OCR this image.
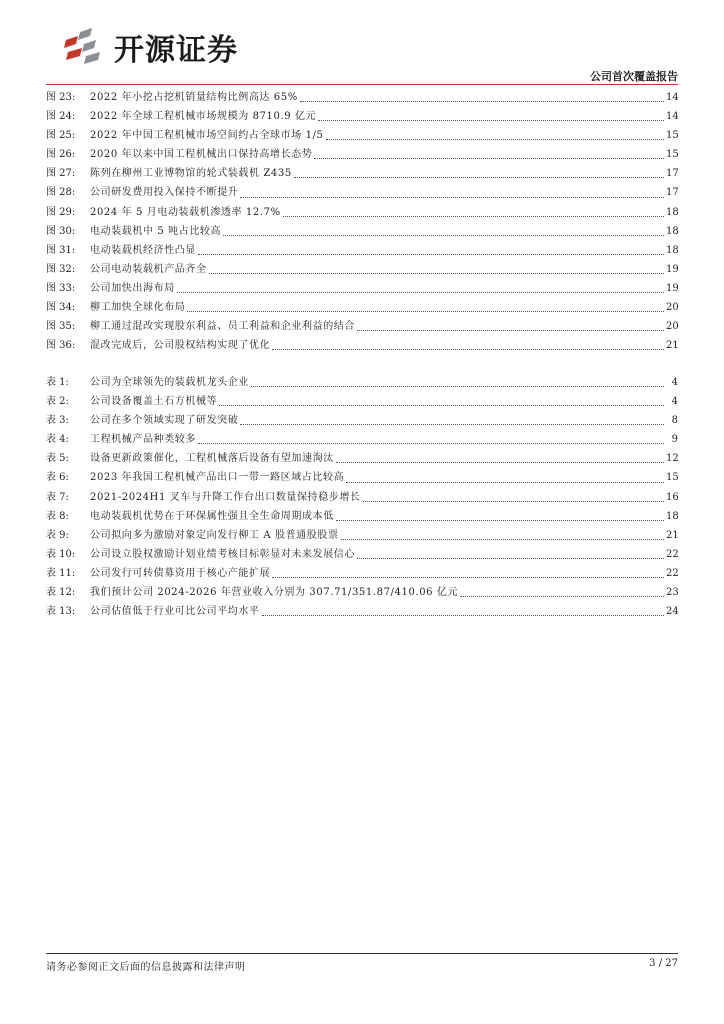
开源证券
公司首次覆盖报告
图 23:	2022 年小挖占挖机销量结构比例高达 65%	14
图 24:	2022 年全球工程机械市场规模为 8710.9 亿元	14
图 25:	2022 年中国工程机械市场空间约占全球市场 1/5	15
图 26:	2020 年以来中国工程机械出口保持高增长态势	15
图 27:	陈列在柳州工业博物馆的轮式装载机 Z435	17
图 28:	公司研发费用投入保持不断提升	17
图 29:	2024 年 5 月电动装载机渗透率 12.7%	18
图 30:	电动装载机中 5 吨占比较高	18
图 31:	电动装载机经济性凸显	18
图 32:	公司电动装载机产品齐全	19
图 33:	公司加快出海布局	19
图 34:	柳工加快全球化布局	20
图 35:	柳工通过混改实现股东利益、员工利益和企业利益的结合	20
图 36:	混改完成后，公司股权结构实现了优化	21
表 1:	公司为全球领先的装载机龙头企业	4
表 2:	公司设备覆盖土石方机械等	4
表 3:	公司在多个领域实现了研发突破	8
表 4:	工程机械产品种类较多	9
表 5:	设备更新政策催化，工程机械落后设备有望加速淘汰	12
表 6:	2023 年我国工程机械产品出口一带一路区域占比较高	15
表 7:	2021-2024H1 叉车与升降工作台出口数量保持稳步增长	16
表 8:	电动装载机优势在于环保属性强且全生命周期成本低	18
表 9:	公司拟向多为激励对象定向发行柳工 A 股普通股股票	21
表 10:	公司设立股权激励计划业绩考核目标彰显对未来发展信心	22
表 11:	公司发行可转债募资用于核心产能扩展	22
表 12:	我们预计公司 2024-2026 年营业收入分别为 307.71/351.87/410.06 亿元	23
表 13:	公司估值低于行业可比公司平均水平	24
请务必参阅正文后面的信息披露和法律声明	3 / 27
